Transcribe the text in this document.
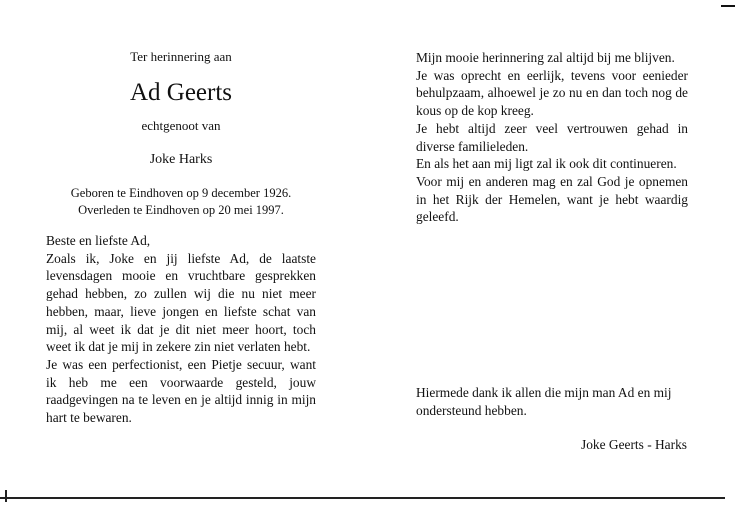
Ter herinnering aan
Ad Geerts
echtgenoot van
Joke Harks
Geboren te Eindhoven op 9 december 1926.
Overleden te Eindhoven op 20 mei 1997.

Beste en liefste Ad,

Zoals ik, Joke en jij liefste Ad, de laatste levensdagen mooie en vruchtbare gesprekken gehad hebben, zo zullen wij die nu niet meer hebben, maar, lieve jongen en liefste schat van mij, al weet ik dat je dit niet meer hoort, toch weet ik dat je mij in zekere zin niet verlaten hebt.

Je was een perfectionist, een Pietje secuur, want ik heb me een voorwaarde gesteld, jouw raadgevingen na te leven en je altijd innig in mijn hart te bewaren.

Mijn mooie herinnering zal altijd bij me blijven.

Je was oprecht en eerlijk, tevens voor eenieder behulpzaam, alhoewel je zo nu en dan toch nog de kous op de kop kreeg.

Je hebt altijd zeer veel vertrouwen gehad in diverse familieleden.

En als het aan mij ligt zal ik ook dit continueren.

Voor mij en anderen mag en zal God je opnemen in het Rijk der Hemelen, want je hebt waardig geleefd.

Hiermede dank ik allen die mijn man Ad en mij ondersteund hebben.
Joke Geerts - Harks
